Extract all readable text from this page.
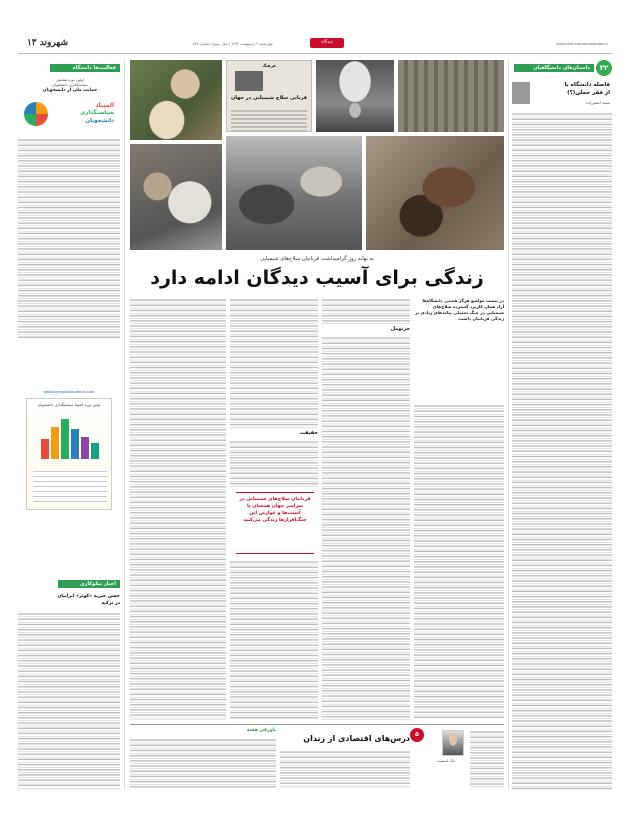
شهروند ۱۳	چهارشنبه ۹ اردیبهشت ۱۳۹۴ | سال سوم | شماره ۵۶۷	دیدگاه	www.shahrvandnewspaper.ir
۲۲
داستان‌های دانشگاهیان
فاصله دانشگاه با
از فقر جملن(؟)
سعید اصغرزاده
فعالیت‌ها دانشگاه
اولین دوره همایش
سیاستگذاری دانشجویان
حمایت ملی از دانشجویان
المپیاد
سیاستگذاری
دانشجویان
www.olympiadoscience.com
اولین دوره المپیاد سیاستگذاری دانشجویان
اخبار نیکوکاری
جشن خیریه «کوثر» ایرانیان
در ترکیه
فرهنگ
قربانی سلاح شیمیایی در جهان
به بهانه روز گرامیداشت قربانیان سلاح‌های شیمیایی
زندگی برای آسیب دیدگان ادامه دارد
در پیست مواضع هرگز همینی دانشگاه‌ها آزاد همان کاربرد گسترده سلاح‌های شیمیایی در جنگ تحمیلی پیامدهای زیادی بر زندگی قربانیان داشت.
جرثومل
حقیقت
قربانیان سلاح‌های شیمیایی در سراسر جهان همچنان با آسیب‌ها و عوارض این جنگ‌افزارها زندگی می‌کنند
۵
جک اسمیت
درس‌های اقتصادی از زندان
پاورقی هفته
